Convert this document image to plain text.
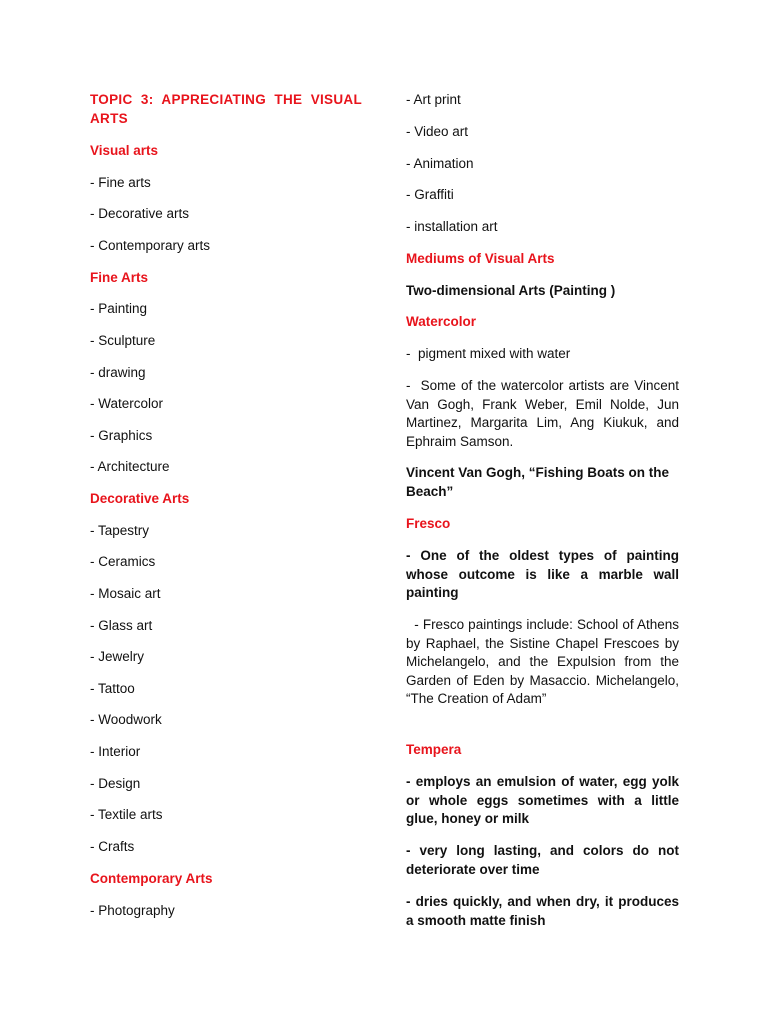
TOPIC 3: APPRECIATING THE VISUAL ARTS

Visual arts

- Fine arts

- Decorative arts

- Contemporary arts

Fine Arts

- Painting

- Sculpture

- drawing

- Watercolor

- Graphics

- Architecture

Decorative Arts

- Tapestry

- Ceramics

- Mosaic art

- Glass art

- Jewelry

- Tattoo

- Woodwork

- Interior

- Design

- Textile arts

- Crafts

Contemporary Arts

- Photography

- Art print

- Video art

- Animation

- Graffiti

- installation art

Mediums of Visual Arts

Two-dimensional Arts (Painting )

Watercolor

-  pigment mixed with water

-  Some of the watercolor artists are Vincent Van Gogh, Frank Weber, Emil Nolde, Jun Martinez, Margarita Lim, Ang Kiukuk, and Ephraim Samson.

Vincent Van Gogh, “Fishing Boats on the Beach”

Fresco

- One of the oldest types of painting whose outcome is like a marble wall painting

- Fresco paintings include: School of Athens by Raphael, the Sistine Chapel Frescoes by Michelangelo, and the Expulsion from the Garden of Eden by Masaccio. Michelangelo, “The Creation of Adam”

Tempera

- employs an emulsion of water, egg yolk or whole eggs sometimes with a little glue, honey or milk

- very long lasting, and colors do not deteriorate over time

- dries quickly, and when dry, it produces a smooth matte finish
